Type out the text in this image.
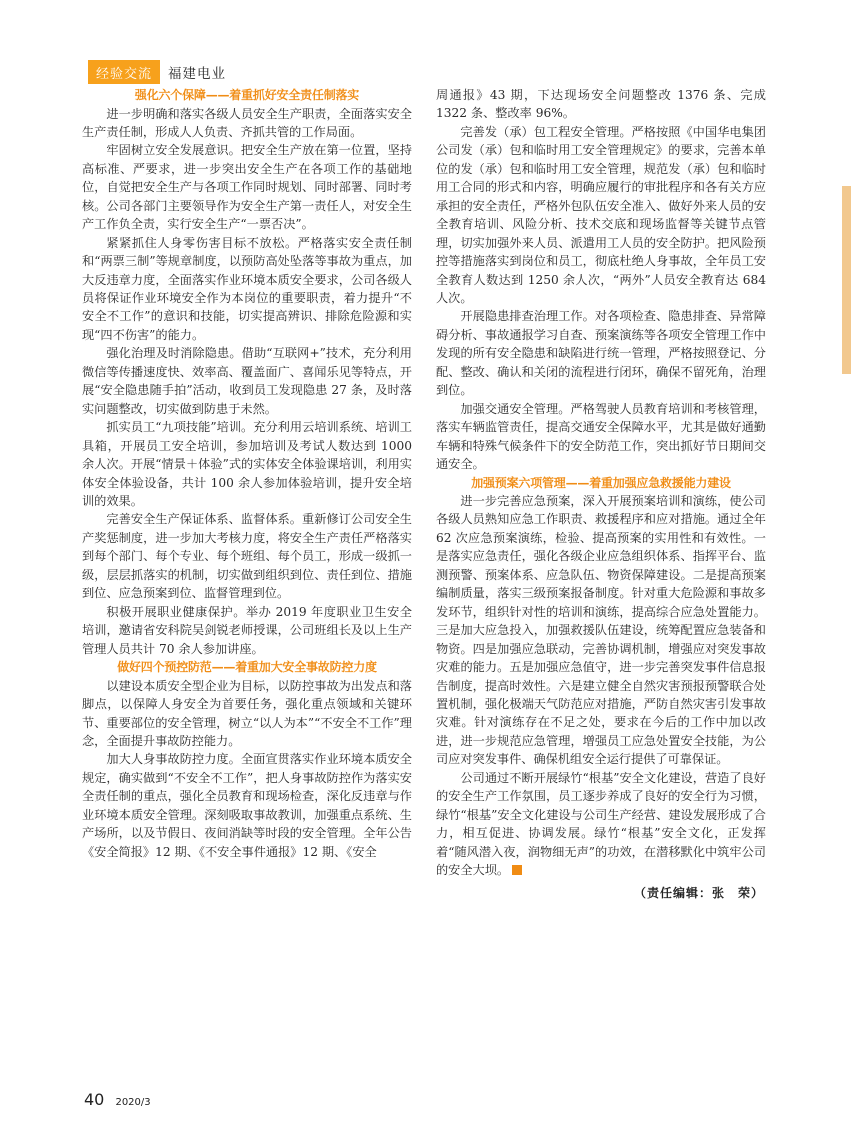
经验交流	福建电业
强化六个保障——着重抓好安全责任制落实

进一步明确和落实各级人员安全生产职责，全面落实安全生产责任制，形成人人负责、齐抓共管的工作局面。

牢固树立安全发展意识。把安全生产放在第一位置，坚持高标准、严要求，进一步突出安全生产在各项工作的基础地位，自觉把安全生产与各项工作同时规划、同时部署、同时考核。公司各部门主要领导作为安全生产第一责任人，对安全生产工作负全责，实行安全生产“一票否决”。

紧紧抓住人身零伤害目标不放松。严格落实安全责任制和“两票三制”等规章制度，以预防高处坠落等事故为重点，加大反违章力度，全面落实作业环境本质安全要求，公司各级人员将保证作业环境安全作为本岗位的重要职责，着力提升“不安全不工作”的意识和技能，切实提高辨识、排除危险源和实现“四不伤害”的能力。

强化治理及时消除隐患。借助“互联网+”技术，充分利用微信等传播速度快、效率高、覆盖面广、喜闻乐见等特点，开展“安全隐患随手拍”活动，收到员工发现隐患 27 条，及时落实问题整改，切实做到防患于未然。

抓实员工“九项技能”培训。充分利用云培训系统、培训工具箱，开展员工安全培训，参加培训及考试人数达到 1000 余人次。开展“情景＋体验”式的实体安全体验课培训，利用实体安全体验设备，共计 100 余人参加体验培训，提升安全培训的效果。

完善安全生产保证体系、监督体系。重新修订公司安全生产奖惩制度，进一步加大考核力度，将安全生产责任严格落实到每个部门、每个专业、每个班组、每个员工，形成一级抓一级，层层抓落实的机制，切实做到组织到位、责任到位、措施到位、应急预案到位、监督管理到位。

积极开展职业健康保护。举办 2019 年度职业卫生安全培训，邀请省安科院吴剑锐老师授课，公司班组长及以上生产管理人员共计 70 余人参加讲座。

做好四个预控防范——着重加大安全事故防控力度

以建设本质安全型企业为目标，以防控事故为出发点和落脚点，以保障人身安全为首要任务，强化重点领域和关键环节、重要部位的安全管理，树立“以人为本”“不安全不工作”理念，全面提升事故防控能力。

加大人身事故防控力度。全面宣贯落实作业环境本质安全规定，确实做到“不安全不工作”，把人身事故防控作为落实安全责任制的重点，强化全员教育和现场检查，深化反违章与作业环境本质安全管理。深刻吸取事故教训，加强重点系统、生产场所，以及节假日、夜间消缺等时段的安全管理。全年公告《安全简报》12 期、《不安全事件通报》12 期、《安全

周通报》43 期，下达现场安全问题整改 1376 条、完成 1322 条、整改率 96%。

完善发（承）包工程安全管理。严格按照《中国华电集团公司发（承）包和临时用工安全管理规定》的要求，完善本单位的发（承）包和临时用工安全管理，规范发（承）包和临时用工合同的形式和内容，明确应履行的审批程序和各有关方应承担的安全责任，严格外包队伍安全准入、做好外来人员的安全教育培训、风险分析、技术交底和现场监督等关键节点管理，切实加强外来人员、派遣用工人员的安全防护。把风险预控等措施落实到岗位和员工，彻底杜绝人身事故，全年员工安全教育人数达到 1250 余人次，“两外”人员安全教育达 684 人次。

开展隐患排查治理工作。对各项检查、隐患排查、异常障碍分析、事故通报学习自查、预案演练等各项安全管理工作中发现的所有安全隐患和缺陷进行统一管理，严格按照登记、分配、整改、确认和关闭的流程进行闭环，确保不留死角，治理到位。

加强交通安全管理。严格驾驶人员教育培训和考核管理，落实车辆监管责任，提高交通安全保障水平，尤其是做好通勤车辆和特殊气候条件下的安全防范工作，突出抓好节日期间交通安全。

加强预案六项管理——着重加强应急救援能力建设

进一步完善应急预案，深入开展预案培训和演练，使公司各级人员熟知应急工作职责、救援程序和应对措施。通过全年 62 次应急预案演练，检验、提高预案的实用性和有效性。一是落实应急责任，强化各级企业应急组织体系、指挥平台、监测预警、预案体系、应急队伍、物资保障建设。二是提高预案编制质量，落实三级预案报备制度。针对重大危险源和事故多发环节，组织针对性的培训和演练，提高综合应急处置能力。三是加大应急投入，加强救援队伍建设，统筹配置应急装备和物资。四是加强应急联动，完善协调机制，增强应对突发事故灾难的能力。五是加强应急值守，进一步完善突发事件信息报告制度，提高时效性。六是建立健全自然灾害预报预警联合处置机制，强化极端天气防范应对措施，严防自然灾害引发事故灾难。针对演练存在不足之处，要求在今后的工作中加以改进，进一步规范应急管理，增强员工应急处置安全技能，为公司应对突发事件、确保机组安全运行提供了可靠保证。

公司通过不断开展绿竹“根基”安全文化建设，营造了良好的安全生产工作氛围，员工逐步养成了良好的安全行为习惯，绿竹“根基”安全文化建设与公司生产经营、建设发展形成了合力，相互促进、协调发展。绿竹“根基”安全文化，正发挥着“随风潜入夜，润物细无声”的功效，在潜移默化中筑牢公司的安全大坝。

（责任编辑：张　荣）
40 2020/3
